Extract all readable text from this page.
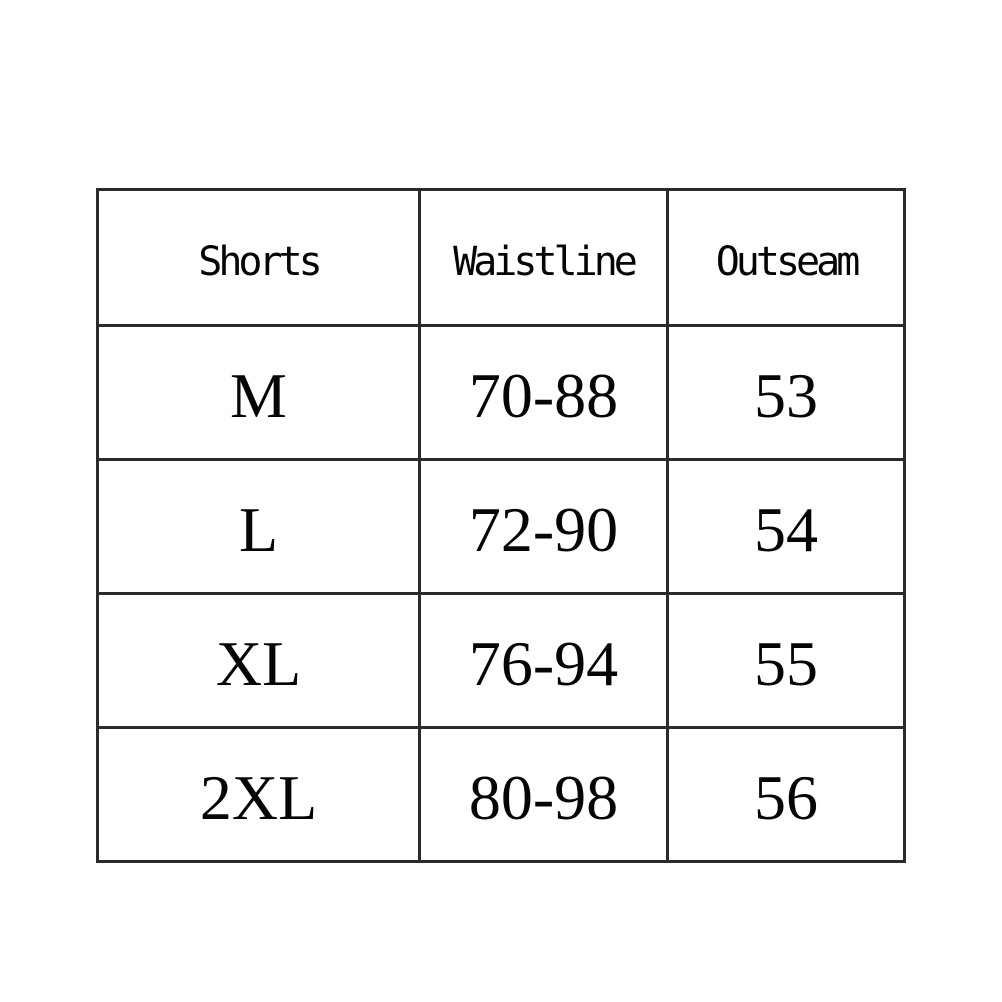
Shorts	Waistline	Outseam
M	70-88	53
L	72-90	54
XL	76-94	55
2XL	80-98	56
